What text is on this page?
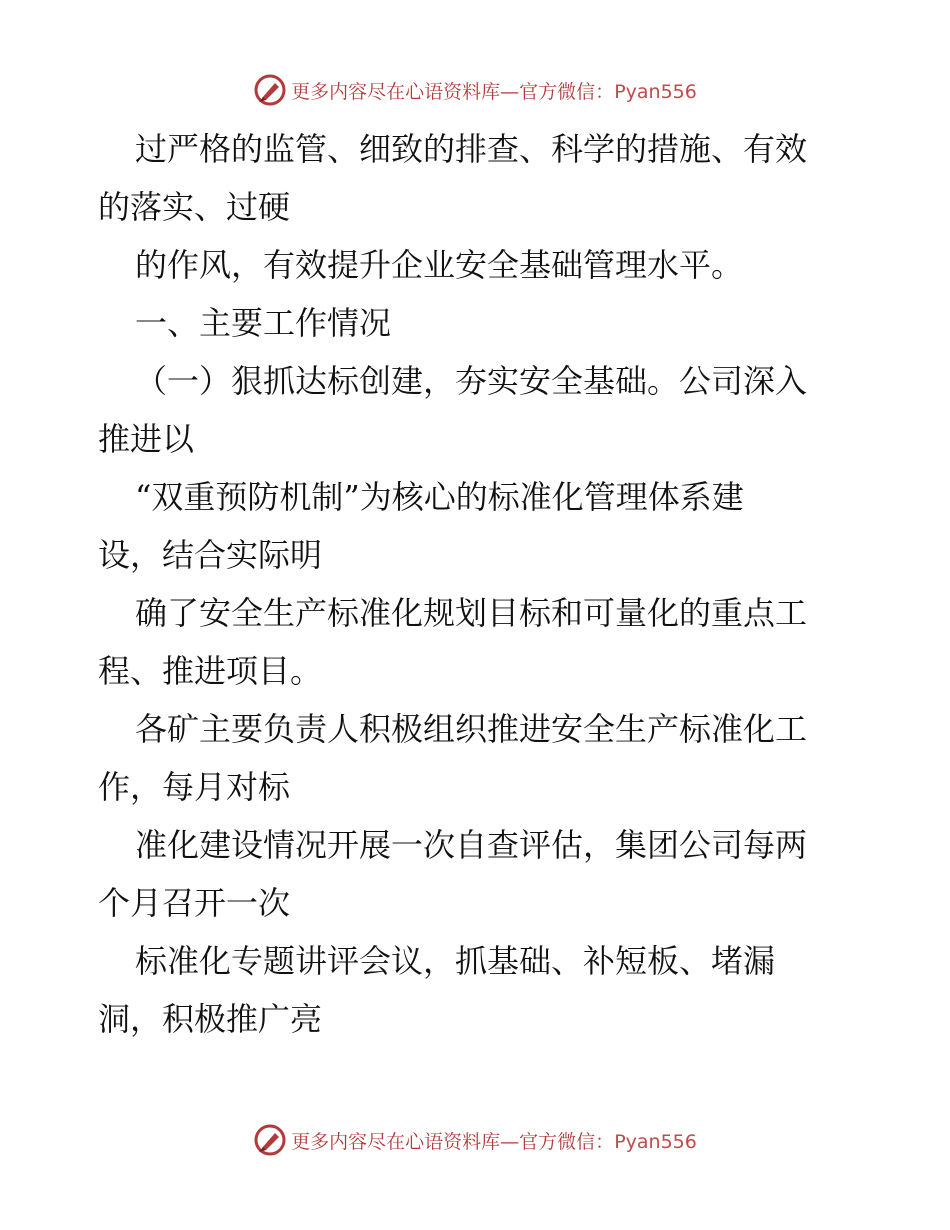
更多内容尽在心语资料库—官方微信：Pyan556
过严格的监管、细致的排查、科学的措施、有效
的落实、过硬
的作风，有效提升企业安全基础管理水平。
一、主要工作情况
（一）狠抓达标创建，夯实安全基础。公司深入
推进以
“双重预防机制”为核心的标准化管理体系建
设，结合实际明
确了安全生产标准化规划目标和可量化的重点工
程、推进项目。
各矿主要负责人积极组织推进安全生产标准化工
作，每月对标
准化建设情况开展一次自查评估，集团公司每两
个月召开一次
标准化专题讲评会议，抓基础、补短板、堵漏
洞，积极推广亮
更多内容尽在心语资料库—官方微信：Pyan556
